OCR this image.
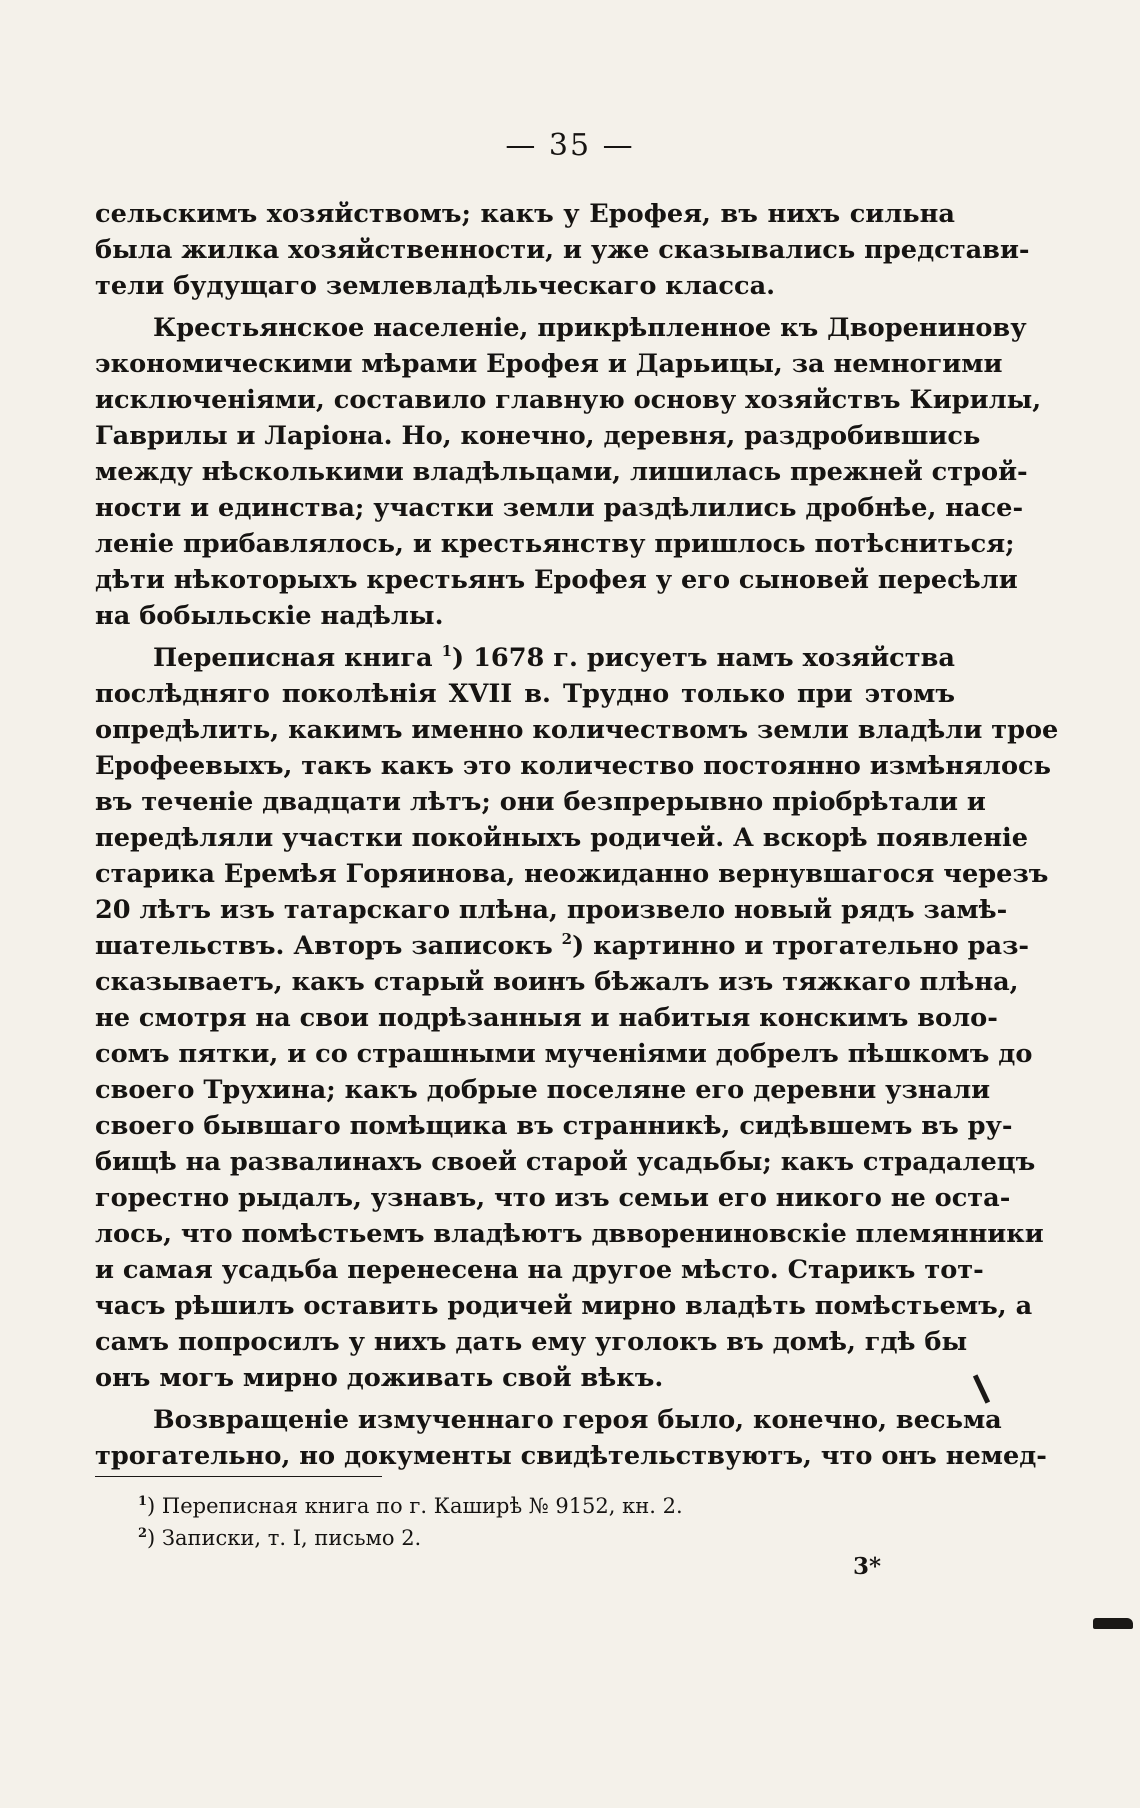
— 35 —
сельскимъ хозяйствомъ; какъ у Ерофея, въ нихъ сильна
была жилка хозяйственности, и уже сказывались представи-
тели будущаго землевладѣльческаго класса.
Крестьянское населеніе, прикрѣпленное къ Дворенинову
экономическими мѣрами Ерофея и Дарьицы, за немногими
исключеніями, составило главную основу хозяйствъ Кирилы,
Гаврилы и Ларіона. Но, конечно, деревня, раздробившись
между нѣсколькими владѣльцами, лишилась прежней строй-
ности и единства; участки земли раздѣлились дробнѣе, насе-
леніе прибавлялось, и крестьянству пришлось потѣсниться;
дѣти нѣкоторыхъ крестьянъ Ерофея у его сыновей пересѣли
на бобыльскіе надѣлы.
Переписная книга $^1$) 1678 г. рисуетъ намъ хозяйства
послѣдняго поколѣнія XVII в. Трудно только при этомъ
опредѣлить, какимъ именно количествомъ земли владѣли трое
Ерофеевыхъ, такъ какъ это количество постоянно измѣнялось
въ теченіе двадцати лѣтъ; они безпрерывно пріобрѣтали и
передѣляли участки покойныхъ родичей. А вскорѣ появленіе
старика Еремѣя Горяинова, неожиданно вернувшагося черезъ
20 лѣтъ изъ татарскаго плѣна, произвело новый рядъ замѣ-
шательствъ. Авторъ записокъ $^2$) картинно и трогательно раз-
сказываетъ, какъ старый воинъ бѣжалъ изъ тяжкаго плѣна,
не смотря на свои подрѣзанныя и набитыя конскимъ воло-
сомъ пятки, и со страшными мученіями добрелъ пѣшкомъ до
своего Трухина; какъ добрые поселяне его деревни узнали
своего бывшаго помѣщика въ странникѣ, сидѣвшемъ въ ру-
бищѣ на развалинахъ своей старой усадьбы; какъ страдалецъ
горестно рыдалъ, узнавъ, что изъ семьи его никого не оста-
лось, что помѣстьемъ владѣютъ двворениновскіе племянники
и самая усадьба перенесена на другое мѣсто. Старикъ тот-
часъ рѣшилъ оставить родичей мирно владѣть помѣстьемъ, а
самъ попросилъ у нихъ дать ему уголокъ въ домѣ, гдѣ бы
онъ могъ мирно доживать свой вѣкъ.
Возвращеніе измученнаго героя было, конечно, весьма
трогательно, но документы свидѣтельствуютъ, что онъ немед-
$^1$) Переписная книга по г. Каширѣ № 9152, кн. 2.
$^2$) Записки, т. I, письмо 2.
3*
